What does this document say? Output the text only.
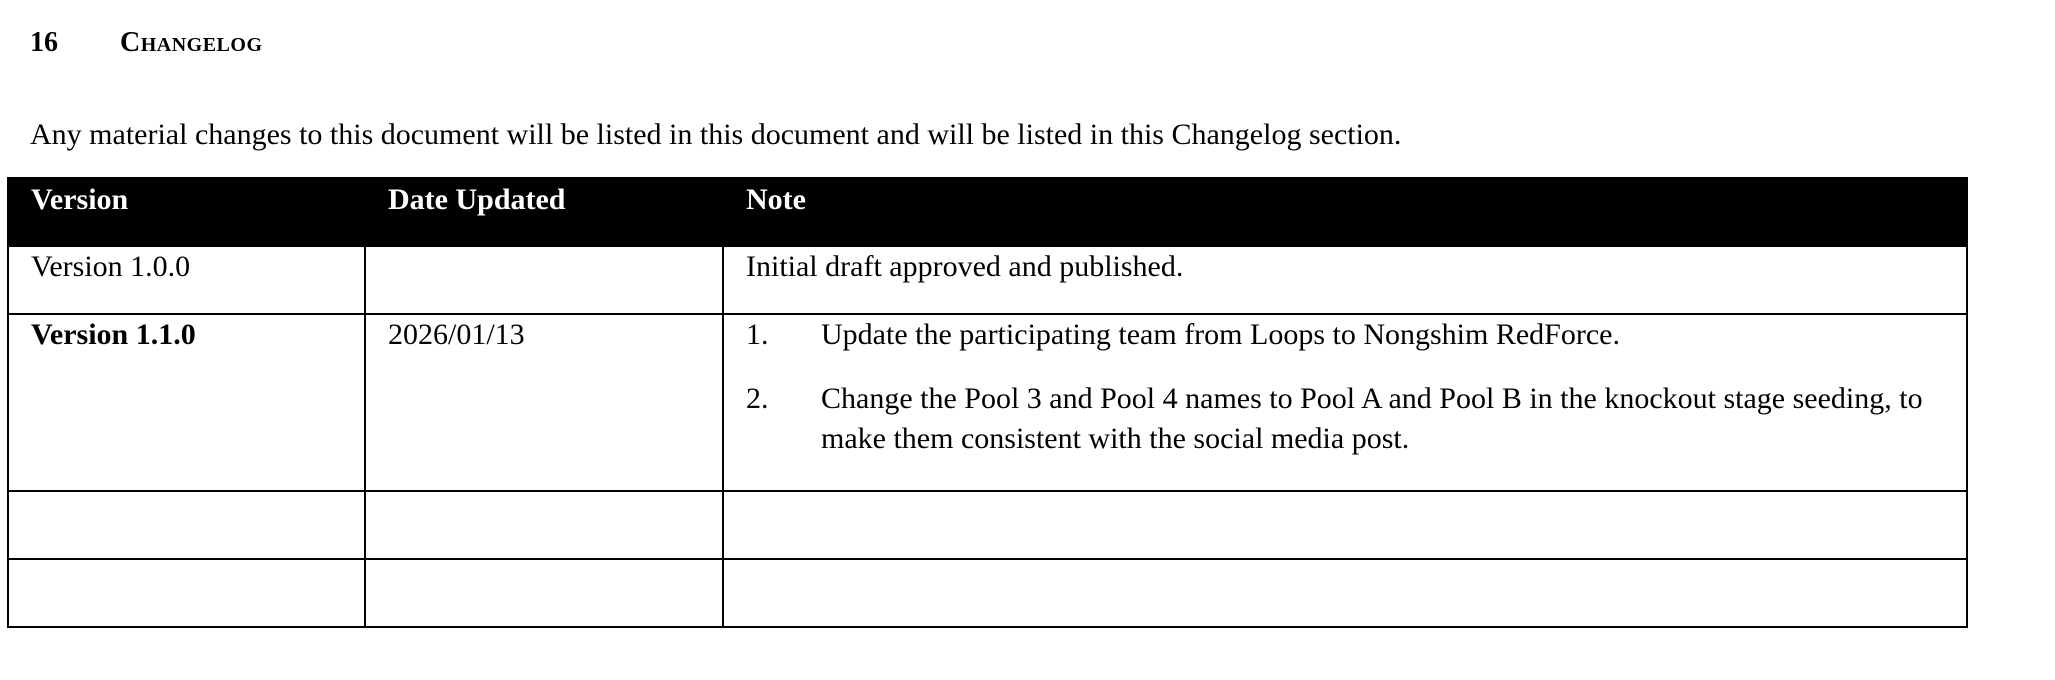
16 Changelog
Any material changes to this document will be listed in this document and will be listed in this Changelog section.
Version	Date Updated	Note
Version 1.0.0		Initial draft approved and published.
Version 1.1.0	2026/01/13	1. Update the participating team from Loops to Nongshim RedForce.
2. Change the Pool 3 and Pool 4 names to Pool A and Pool B in the knockout stage seeding, to make them consistent with the social media post.
